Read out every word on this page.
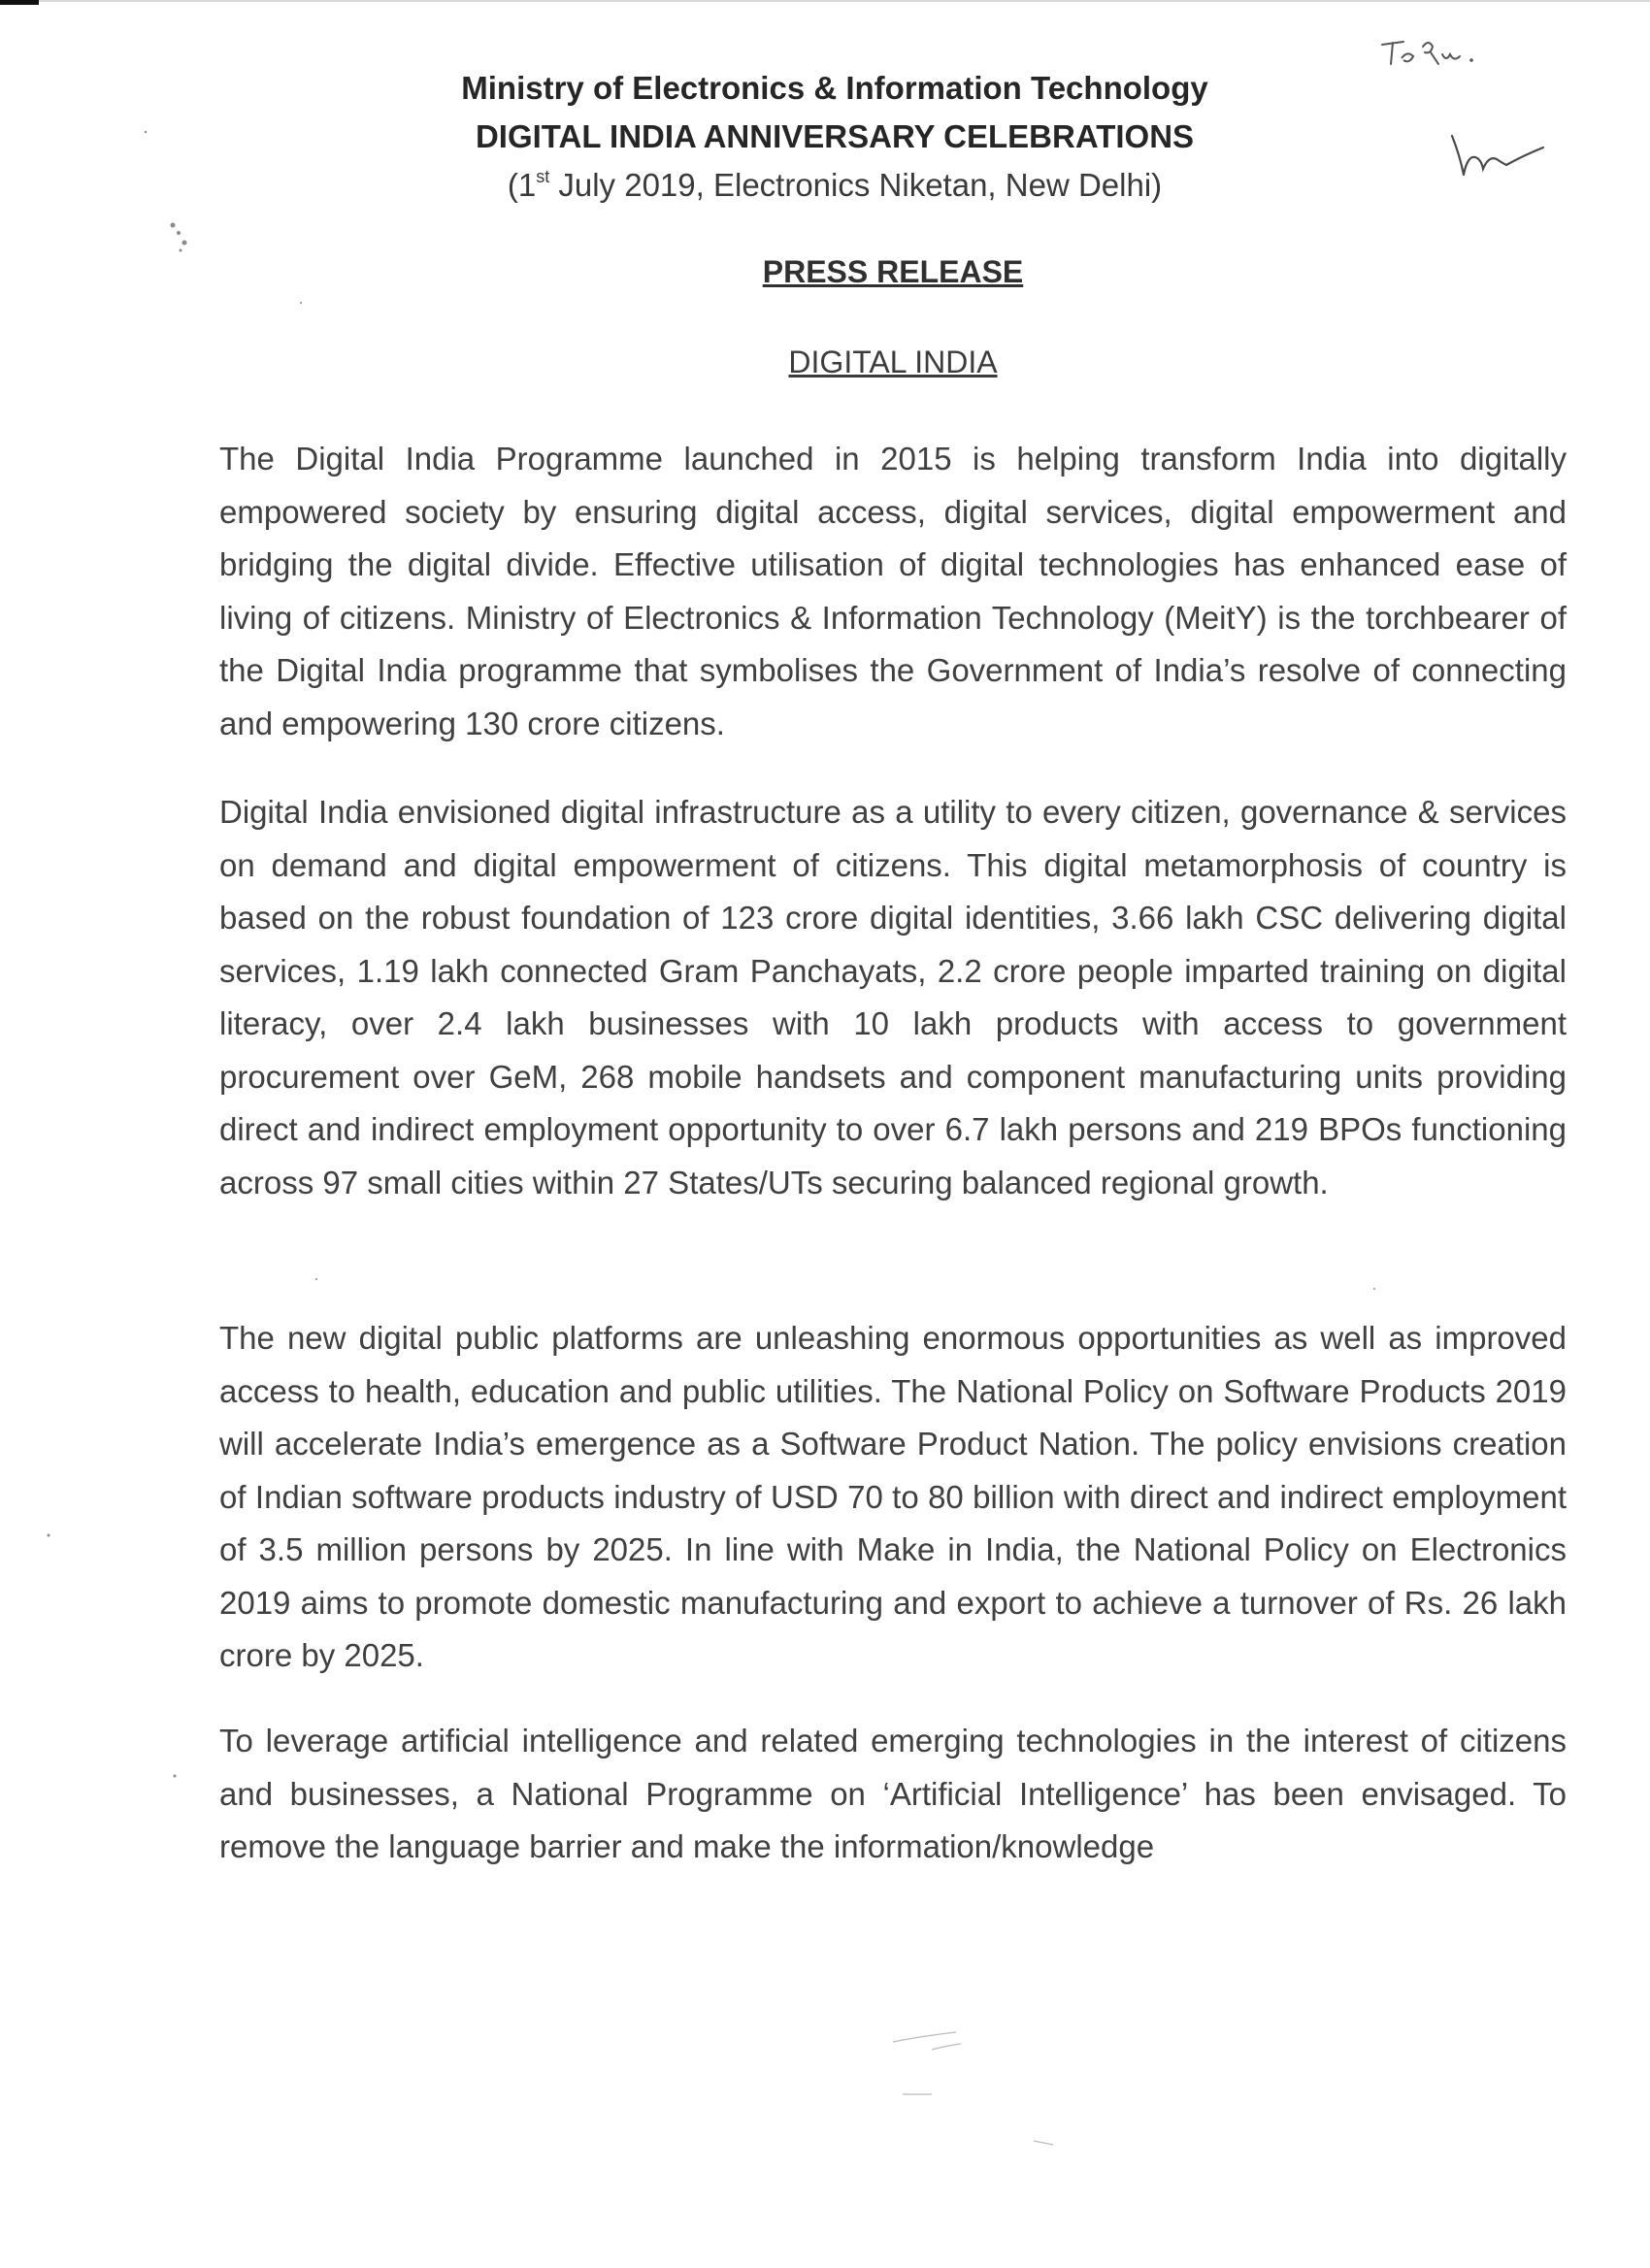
Ministry of Electronics & Information Technology
DIGITAL INDIA ANNIVERSARY CELEBRATIONS
(1st July 2019, Electronics Niketan, New Delhi)
PRESS RELEASE
DIGITAL INDIA

The Digital India Programme launched in 2015 is helping transform India into digitally empowered society by ensuring digital access, digital services, digital empowerment and bridging the digital divide. Effective utilisation of digital technologies has enhanced ease of living of citizens. Ministry of Electronics & Information Technology (MeitY) is the torchbearer of the Digital India programme that symbolises the Government of India’s resolve of connecting and empowering 130 crore citizens.

Digital India envisioned digital infrastructure as a utility to every citizen, governance & services on demand and digital empowerment of citizens. This digital metamorphosis of country is based on the robust foundation of 123 crore digital identities, 3.66 lakh CSC delivering digital services, 1.19 lakh connected Gram Panchayats, 2.2 crore people imparted training on digital literacy, over 2.4 lakh businesses with 10 lakh products with access to government procurement over GeM, 268 mobile handsets and component manufacturing units providing direct and indirect employment opportunity to over 6.7 lakh persons and 219 BPOs functioning across 97 small cities within 27 States/UTs securing balanced regional growth.

The new digital public platforms are unleashing enormous opportunities as well as improved access to health, education and public utilities. The National Policy on Software Products 2019 will accelerate India’s emergence as a Software Product Nation. The policy envisions creation of Indian software products industry of USD 70 to 80 billion with direct and indirect employment of 3.5 million persons by 2025. In line with Make in India, the National Policy on Electronics 2019 aims to promote domestic manufacturing and export to achieve a turnover of Rs. 26 lakh crore by 2025.

To leverage artificial intelligence and related emerging technologies in the interest of citizens and businesses, a National Programme on ‘Artificial Intelligence’ has been envisaged. To remove the language barrier and make the information/knowledge
